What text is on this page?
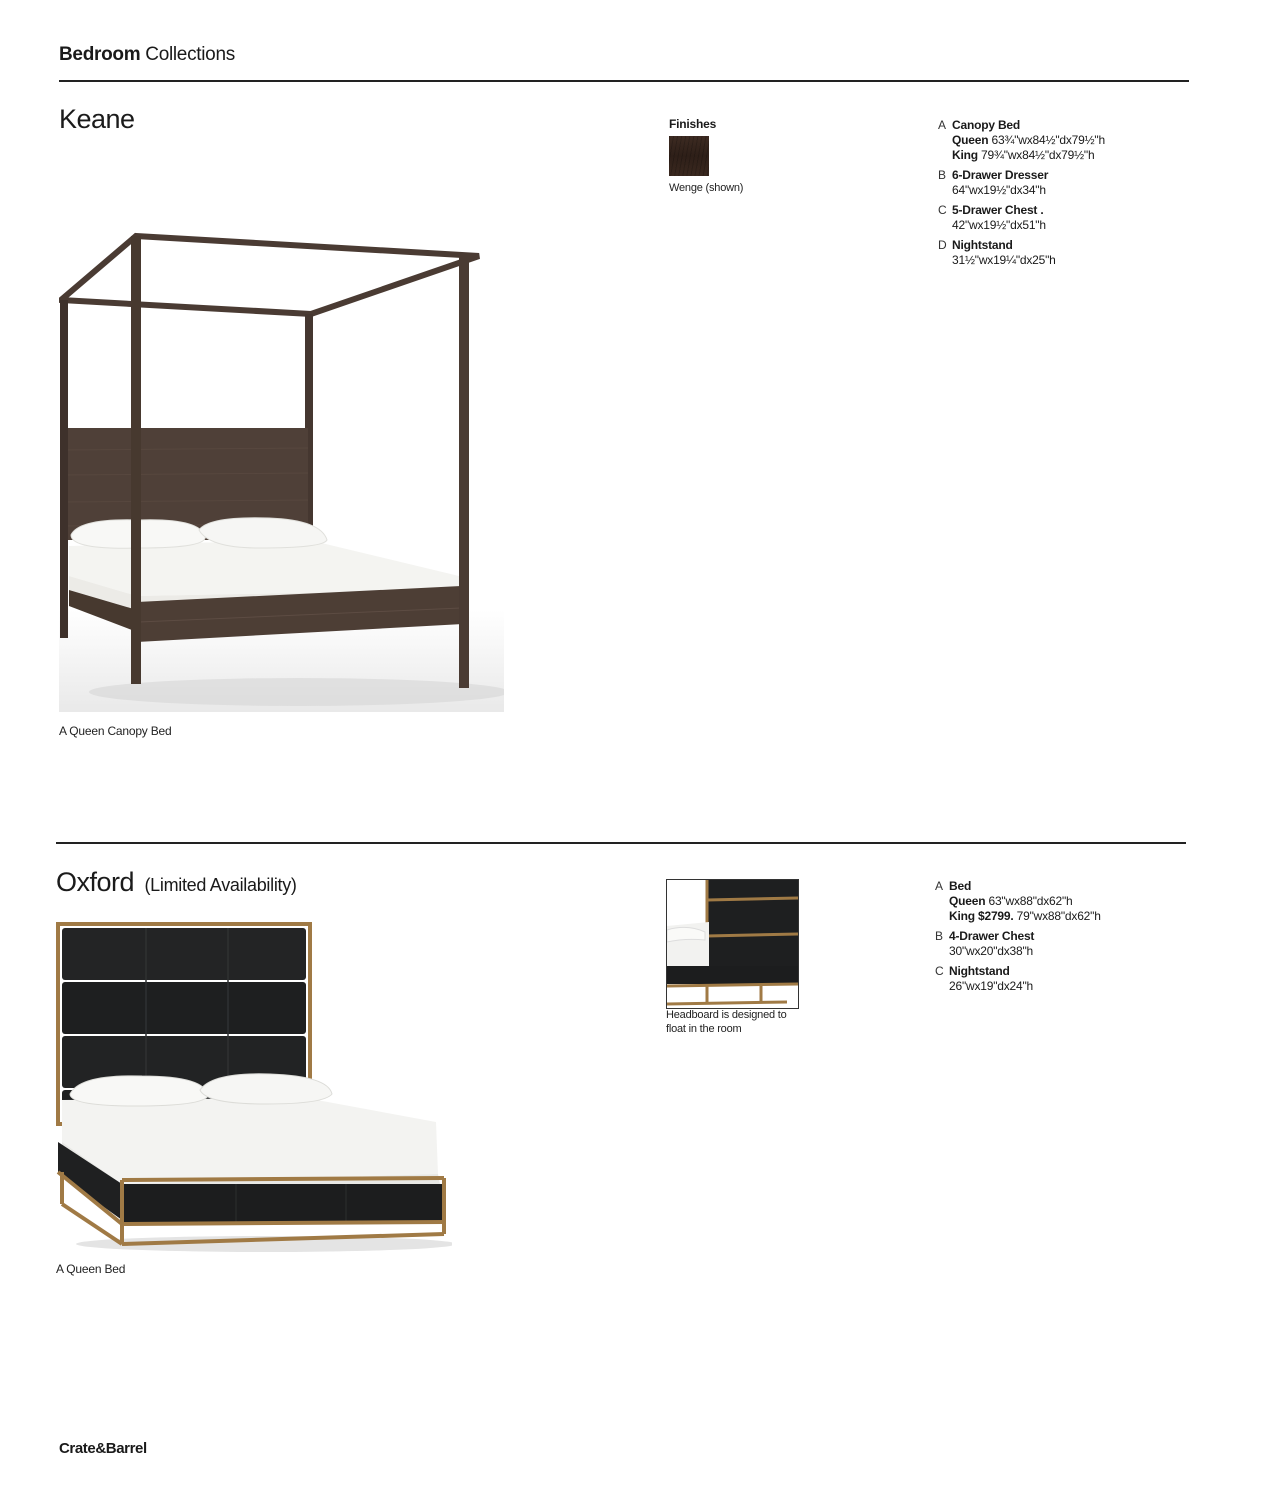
Bedroom Collections
Keane
A Queen Canopy Bed
Finishes
Wenge (shown)
A Canopy Bed
Queen 63¾"wx84½"dx79½"h
King 79¾"wx84½"dx79½"h
B 6-Drawer Dresser
64"wx19½"dx34"h
C 5-Drawer Chest .
42"wx19½"dx51"h
D Nightstand
31½"wx19¼"dx25"h
Oxford (Limited Availability)
A Queen Bed
Headboard is designed to float in the room
A Bed
Queen 63"wx88"dx62"h
King $2799. 79"wx88"dx62"h
B 4-Drawer Chest
30"wx20"dx38"h
C Nightstand
26"wx19"dx24"h
Crate&Barrel
